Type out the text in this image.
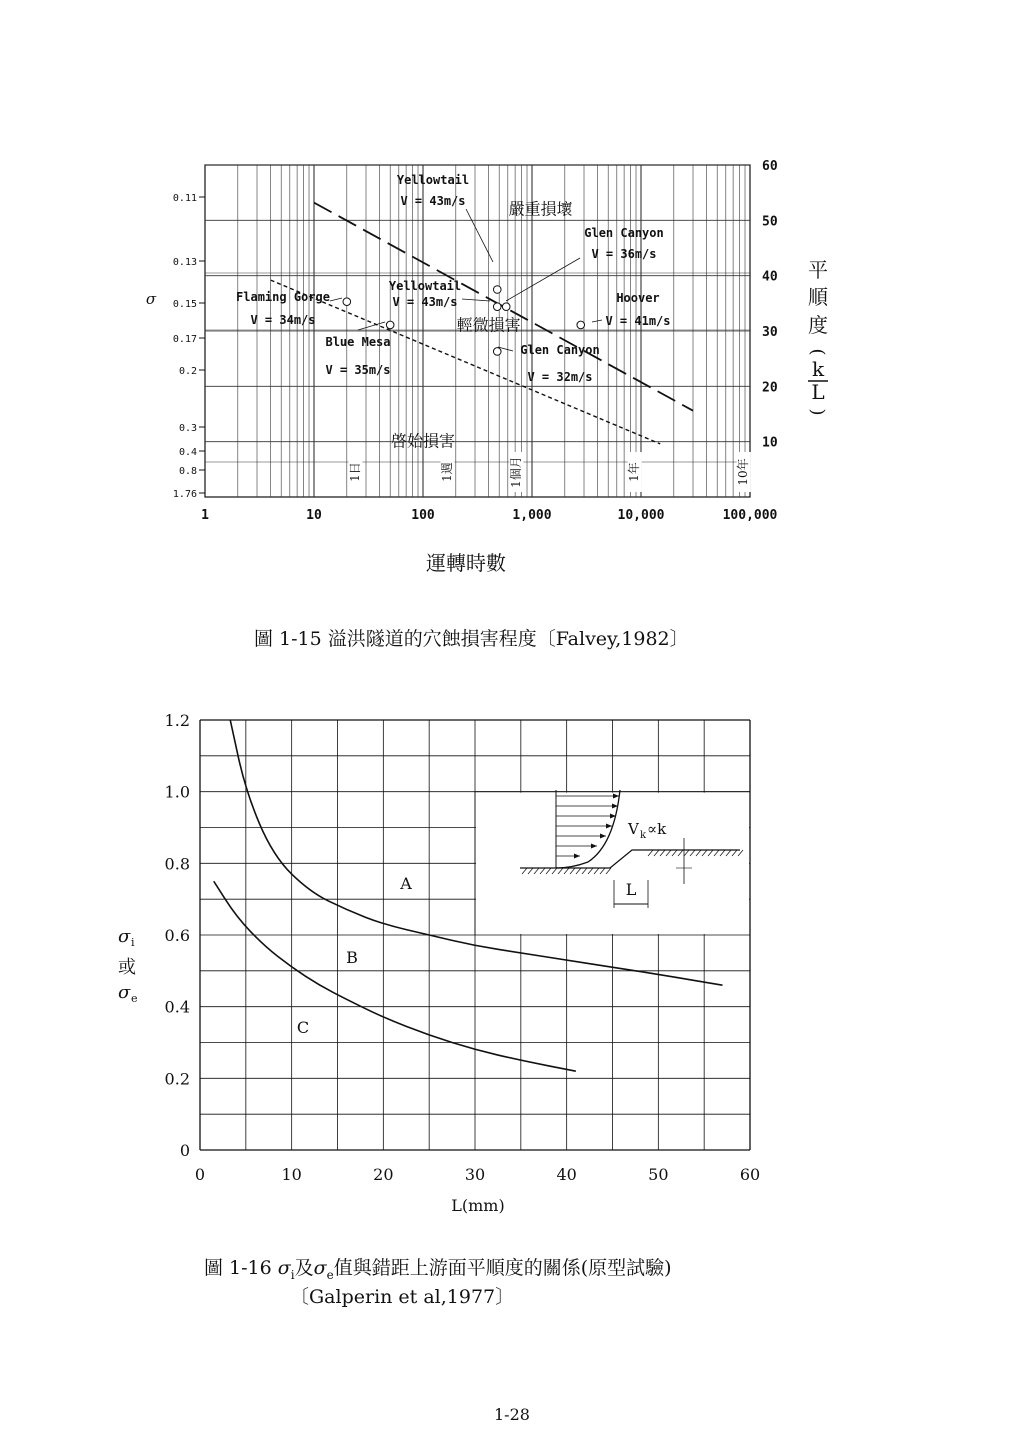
1	10	100	1,000	10,000	100,000
0.11
0.13
0.15
0.17
0.2
0.3
0.4
0.8
1.76
σ
60
50
40
30
20
10
平
順
度
(
k
L
)
運轉時數
1日	1週	1個月	1年	10年
嚴重損壞
輕微損害
啓始損害
Yellowtail
V = 43m/s
Glen Canyon
V = 36m/s
Yellowtail
V = 43m/s
Flaming Gorge
V = 34m/s
Blue Mesa
V = 35m/s
Hoover
V = 41m/s
Glen Canyon
V = 32m/s
0	10	20	30	40	50	60
0
0.2
0.4
0.6
0.8
1.0
1.2
L(mm)
σ i
或
σ e
A
B
C
V k ∝k
L
圖 1-15 溢洪隧道的穴蝕損害程度〔Falvey,1982〕
圖 1-16 $\sigma_i$及$\sigma_e$值與錯距上游面平順度的關係(原型試驗)
〔Galperin et al,1977〕
1-28
